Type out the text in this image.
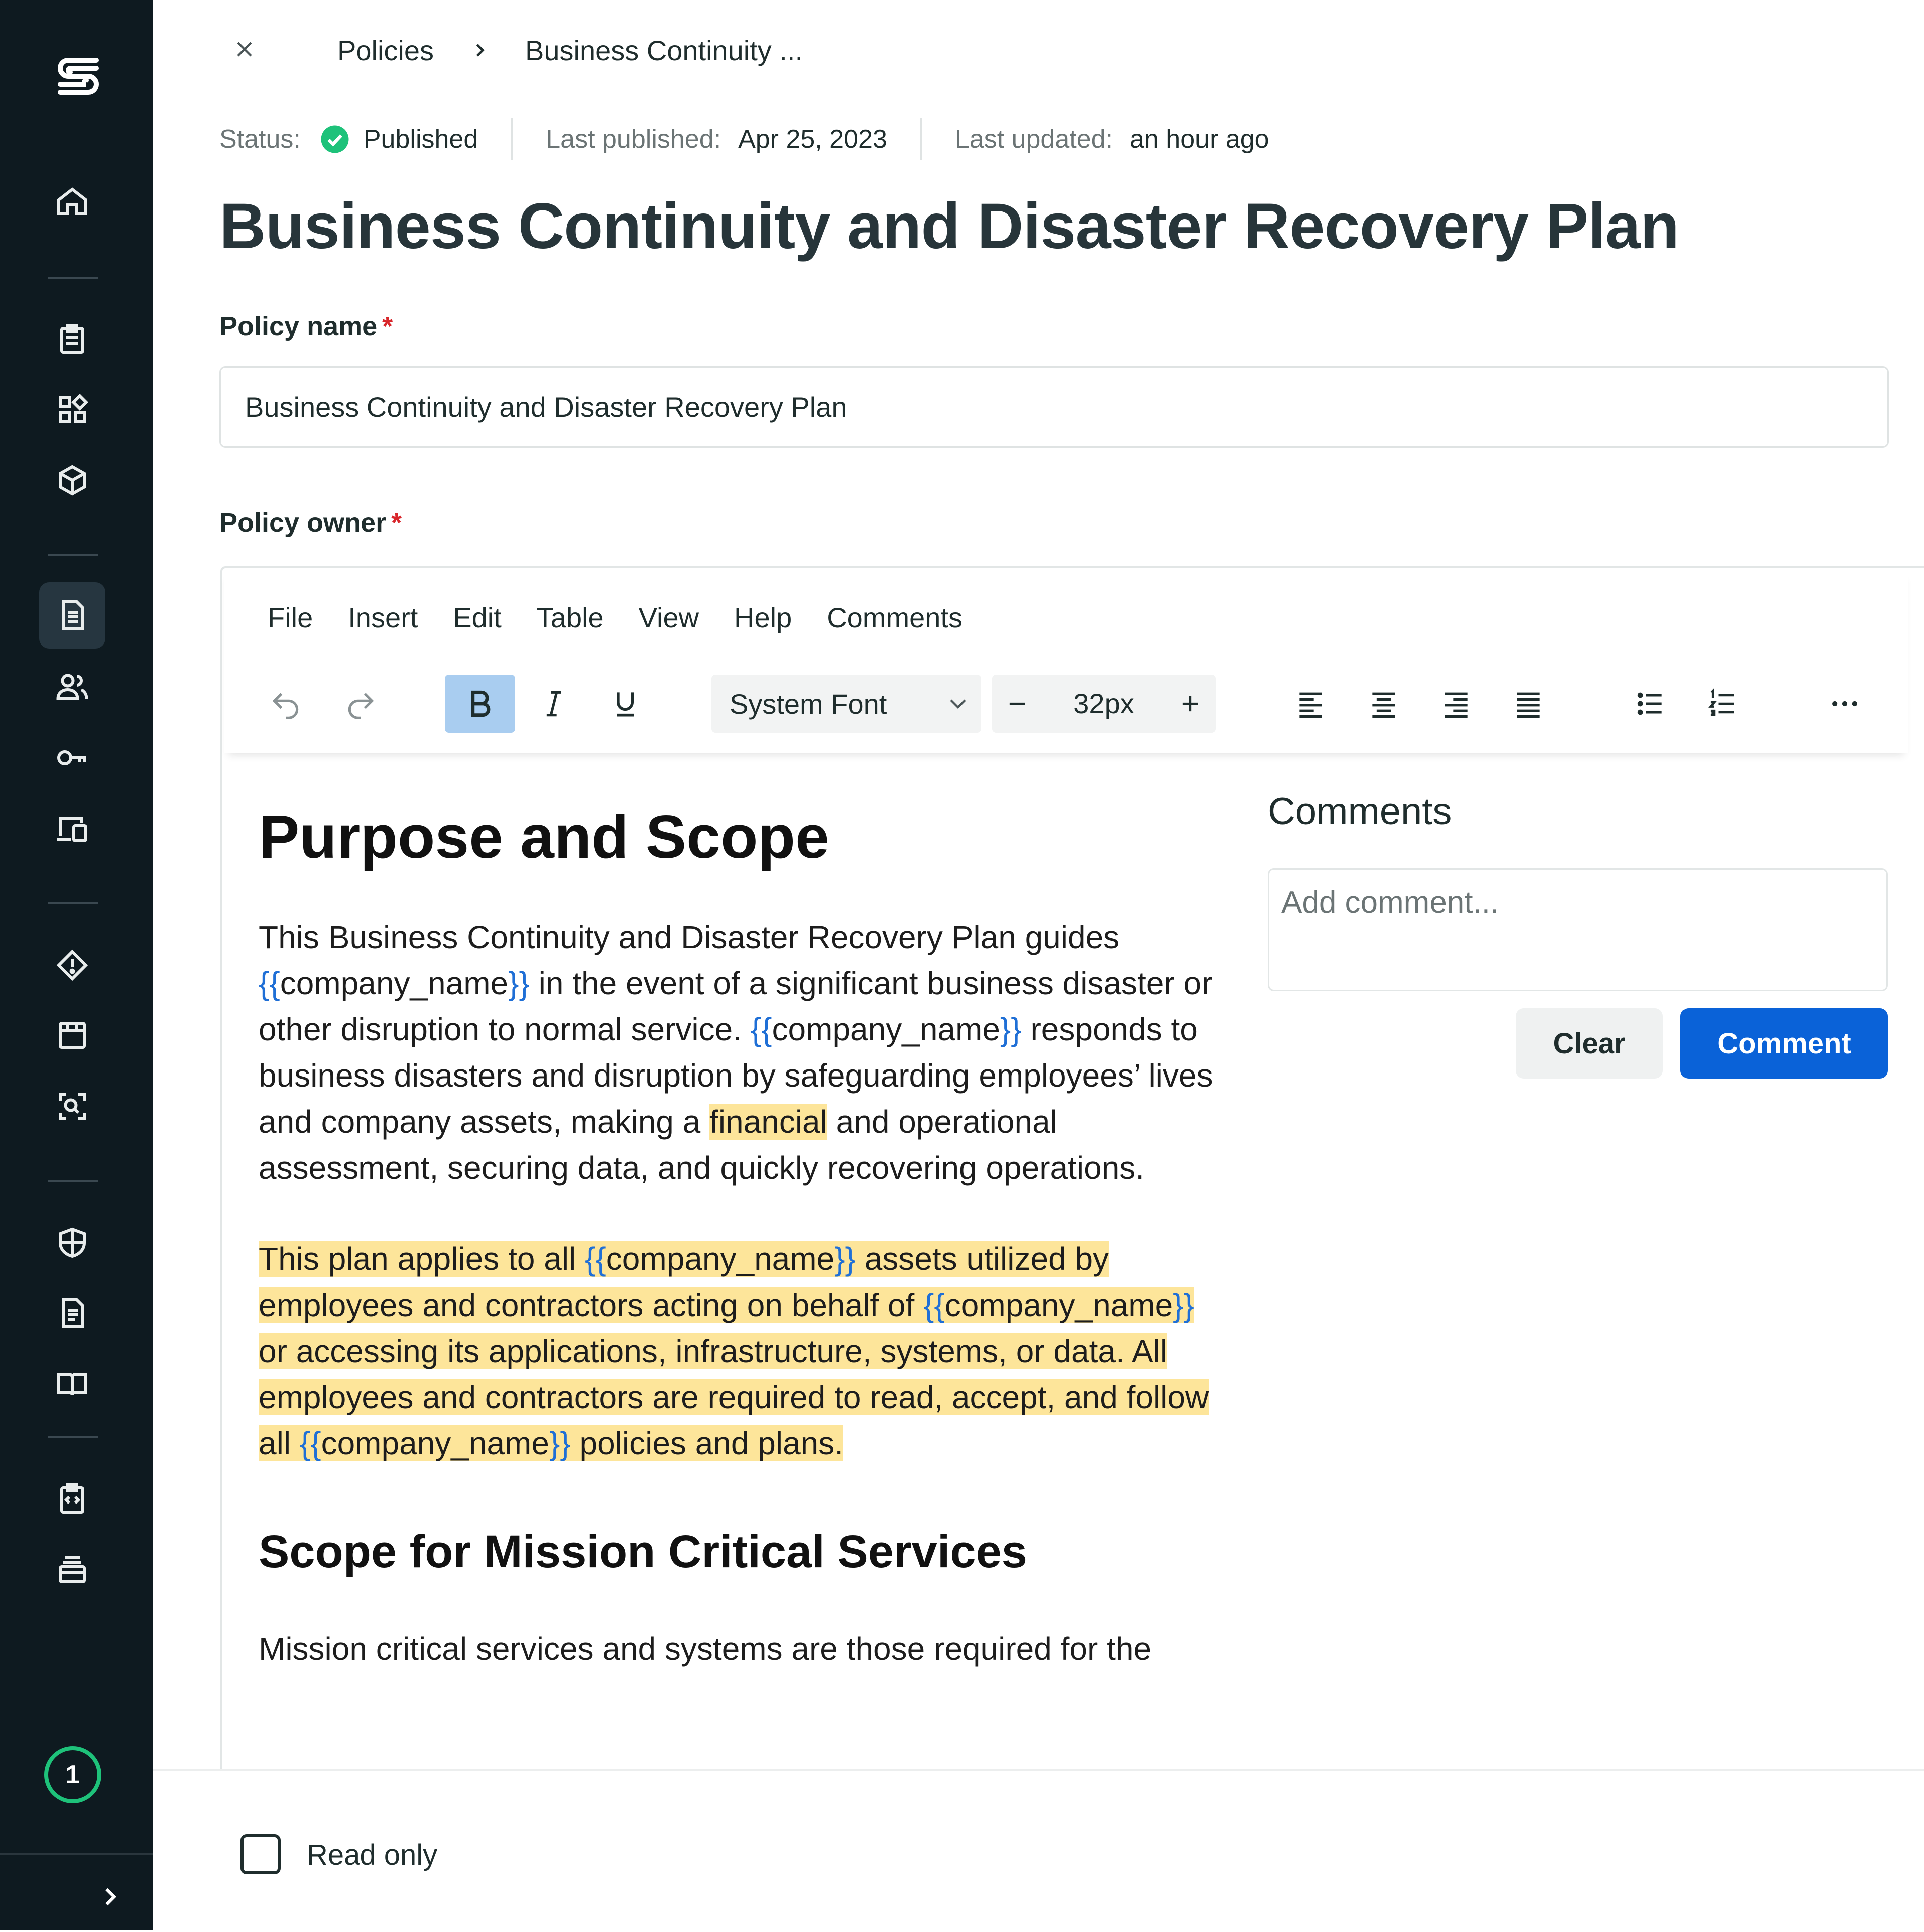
1
Policies	Business Continuity ...
Status: Published	Last published: Apr 25, 2023	Last updated: an hour ago
Business Continuity and Disaster Recovery Plan
Policy name *
Business Continuity and Disaster Recovery Plan
Policy owner *
File Insert Edit Table View Help Comments
System Font	32px
Purpose and Scope

This Business Continuity and Disaster Recovery Plan guides {{company_name}} in the event of a significant business disaster or other disruption to normal service. {{company_name}} responds to business disasters and disruption by safeguarding employees’ lives and company assets, making a financial and operational assessment, securing data, and quickly recovering operations.

This plan applies to all {{company_name}} assets utilized by employees and contractors acting on behalf of {{company_name}} or accessing its applications, infrastructure, systems, or data. All employees and contractors are required to read, accept, and follow all {{company_name}} policies and plans.

Scope for Mission Critical Services

Mission critical services and systems are those required for the

Comments
Add comment...
Clear	Comment
Read only
